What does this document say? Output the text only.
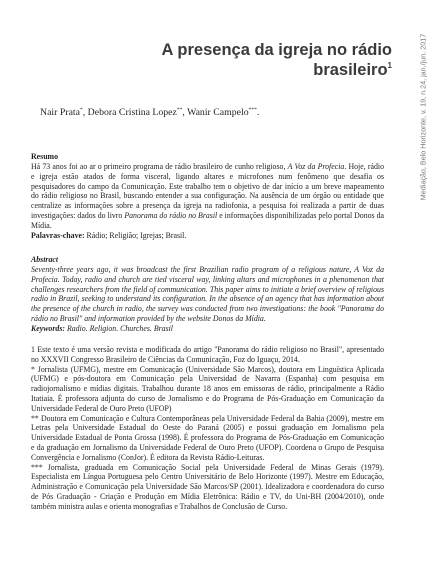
Mediação, Belo Horizonte, v. 19, n.24, jan./jun. 2017
A presença da igreja no rádio
brasileiro$^1$
Nair Prata*, Debora Cristina Lopez**, Wanir Campelo***.

Resumo

Há 73 anos foi ao ar o primeiro programa de rádio brasileiro de cunho religioso, A Voz da Profecia. Hoje, rádio e igreja estão atados de forma visceral, ligando altares e microfones num fenômeno que desafia os pesquisadores do campo da Comunicação. Este trabalho tem o objetivo de dar início a um breve mapeamento do rádio religioso no Brasil, buscando entender a sua configuração. Na ausência de um órgão ou entidade que centralize as informações sobre a presença da igreja na radiofonia, a pesquisa foi realizada a partir de duas investigações: dados do livro Panorama do rádio no Brasil e informações disponibilizadas pelo portal Donos da Mídia.

Palavras-chave: Rádio; Religião; Igrejas; Brasil.

Abstract

Seventy-three years ago, it was broadcast the first Brazilian radio program of a religious nature, A Voz da Profecia. Today, radio and church are tied visceral way, linking altars and microphones in a phenomenon that challenges researchers from the field of communication. This paper aims to initiate a brief overview of religious radio in Brazil, seeking to understand its configuration. In the absence of an agency that has information about the presence of the church in radio, the survey was conducted from two investigations: the book "Panorama do rádio no Brasil" and information provided by the website Donos da Mídia.

Keywords: Radio. Religion. Churches. Brasil

1 Este texto é uma versão revista e modificada do artigo "Panorama do rádio religioso no Brasil", apresentado no XXXVII Congresso Brasileiro de Ciências da Comunicação, Foz do Iguaçu, 2014.

* Jornalista (UFMG), mestre em Comunicação (Universidade São Marcos), doutora em Linguística Aplicada (UFMG) e pós-doutora em Comunicação pela Universidad de Navarra (Espanha) com pesquisa em radiojornalismo e mídias digitais. Trabalhou durante 18 anos em emissoras de rádio, principalmente a Rádio Itatiaia. É professora adjunta do curso de Jornalismo e do Programa de Pós-Graduação em Comunicação da Universidade Federal de Ouro Preto (UFOP)

** Doutora em Comunicação e Cultura Contemporâneas pela Universidade Federal da Bahia (2009), mestre em Letras pela Universidade Estadual do Oeste do Paraná (2005) e possui graduação em Jornalismo pela Universidade Estadual de Ponta Grossa (1998). É professora do Programa de Pós-Graduação em Comunicação e da graduação em Jornalismo da Universidade Federal de Ouro Preto (UFOP). Coordena o Grupo de Pesquisa Convergência e Jornalismo (ConJor). É editora da Revista Rádio-Leituras.

*** Jornalista, graduada em Comunicação Social pela Universidade Federal de Minas Gerais (1979). Especialista em Língua Portuguesa pelo Centro Universitário de Belo Horizonte (1997). Mestre em Educação, Administração e Comunicação pela Universidade São Marcos/SP (2001). Idealizadora e coordenadora do curso de Pós Graduação - Criação e Produção em Mídia Eletrônica: Rádio e TV, do Uni-BH (2004/2010), onde também ministra aulas e orienta monografias e Trabalhos de Conclusão de Curso.
